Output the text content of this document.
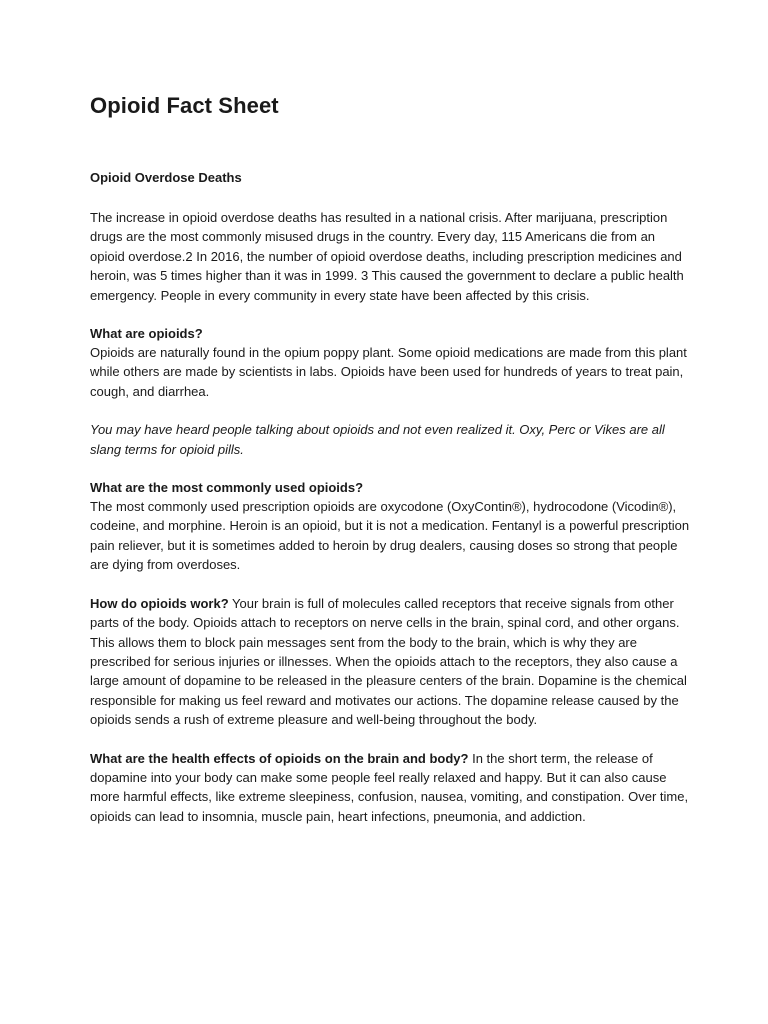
Opioid Fact Sheet
Opioid Overdose Deaths

The increase in opioid overdose deaths has resulted in a national crisis. After marijuana, prescription drugs are the most commonly misused drugs in the country. Every day, 115 Americans die from an opioid overdose.2 In 2016, the number of opioid overdose deaths, including prescription medicines and heroin, was 5 times higher than it was in 1999. 3 This caused the government to declare a public health emergency. People in every community in every state have been affected by this crisis.

What are opioids?

Opioids are naturally found in the opium poppy plant. Some opioid medications are made from this plant while others are made by scientists in labs. Opioids have been used for hundreds of years to treat pain, cough, and diarrhea.

You may have heard people talking about opioids and not even realized it. Oxy, Perc or Vikes are all slang terms for opioid pills.

What are the most commonly used opioids?

The most commonly used prescription opioids are oxycodone (OxyContin®), hydrocodone (Vicodin®), codeine, and morphine. Heroin is an opioid, but it is not a medication. Fentanyl is a powerful prescription pain reliever, but it is sometimes added to heroin by drug dealers, causing doses so strong that people are dying from overdoses.

How do opioids work? Your brain is full of molecules called receptors that receive signals from other parts of the body. Opioids attach to receptors on nerve cells in the brain, spinal cord, and other organs. This allows them to block pain messages sent from the body to the brain, which is why they are prescribed for serious injuries or illnesses. When the opioids attach to the receptors, they also cause a large amount of dopamine to be released in the pleasure centers of the brain. Dopamine is the chemical responsible for making us feel reward and motivates our actions. The dopamine release caused by the opioids sends a rush of extreme pleasure and well-being throughout the body.

What are the health effects of opioids on the brain and body? In the short term, the release of dopamine into your body can make some people feel really relaxed and happy. But it can also cause more harmful effects, like extreme sleepiness, confusion, nausea, vomiting, and constipation. Over time, opioids can lead to insomnia, muscle pain, heart infections, pneumonia, and addiction.
